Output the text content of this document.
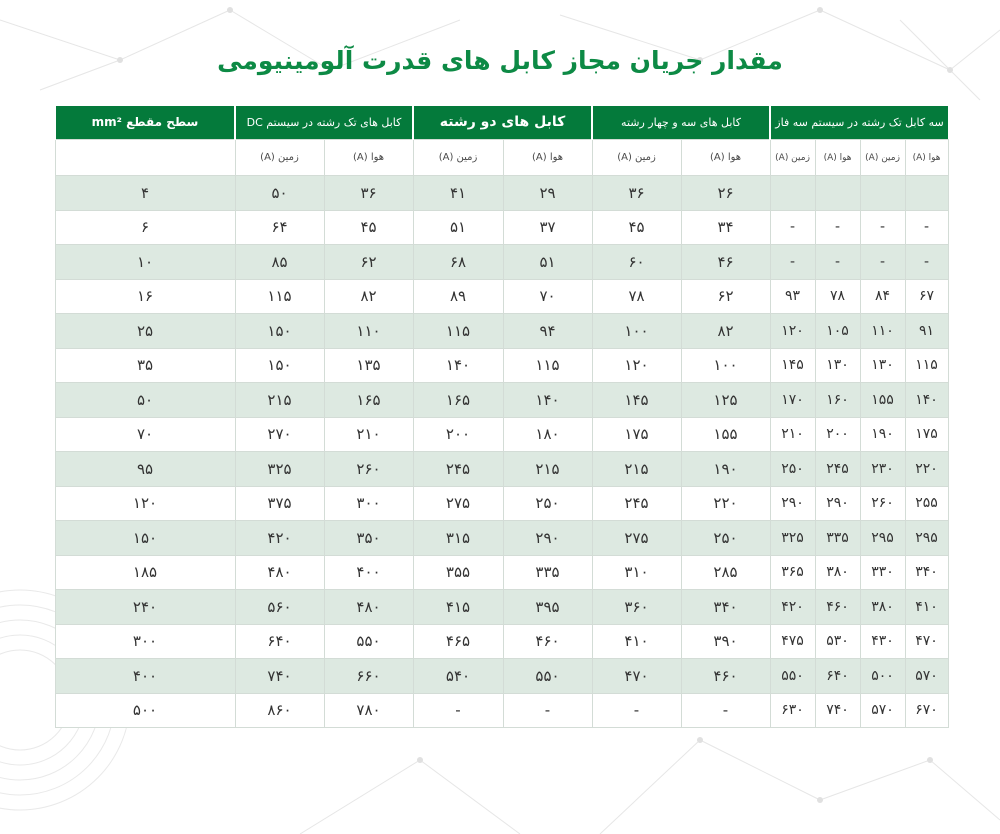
مقدار جریان مجاز کابل های قدرت آلومینیومی
سه کابل تک رشته در سیستم سه فاز				کابل های سه و چهار رشته		کابل های دو رشته		کابل های تک رشته در سیستم DC		سطح مقطع mm²
هوا (A)	زمین (A)	هوا (A)	زمین (A)	هوا (A)	زمین (A)	هوا (A)	زمین (A)	هوا (A)	زمین (A)	
				۲۶	۳۶	۲۹	۴۱	۳۶	۵۰	۴
-	-	-	-	۳۴	۴۵	۳۷	۵۱	۴۵	۶۴	۶
-	-	-	-	۴۶	۶۰	۵۱	۶۸	۶۲	۸۵	۱۰
۶۷	۸۴	۷۸	۹۳	۶۲	۷۸	۷۰	۸۹	۸۲	۱۱۵	۱۶
۹۱	۱۱۰	۱۰۵	۱۲۰	۸۲	۱۰۰	۹۴	۱۱۵	۱۱۰	۱۵۰	۲۵
۱۱۵	۱۳۰	۱۳۰	۱۴۵	۱۰۰	۱۲۰	۱۱۵	۱۴۰	۱۳۵	۱۵۰	۳۵
۱۴۰	۱۵۵	۱۶۰	۱۷۰	۱۲۵	۱۴۵	۱۴۰	۱۶۵	۱۶۵	۲۱۵	۵۰
۱۷۵	۱۹۰	۲۰۰	۲۱۰	۱۵۵	۱۷۵	۱۸۰	۲۰۰	۲۱۰	۲۷۰	۷۰
۲۲۰	۲۳۰	۲۴۵	۲۵۰	۱۹۰	۲۱۵	۲۱۵	۲۴۵	۲۶۰	۳۲۵	۹۵
۲۵۵	۲۶۰	۲۹۰	۲۹۰	۲۲۰	۲۴۵	۲۵۰	۲۷۵	۳۰۰	۳۷۵	۱۲۰
۲۹۵	۲۹۵	۳۳۵	۳۲۵	۲۵۰	۲۷۵	۲۹۰	۳۱۵	۳۵۰	۴۲۰	۱۵۰
۳۴۰	۳۳۰	۳۸۰	۳۶۵	۲۸۵	۳۱۰	۳۳۵	۳۵۵	۴۰۰	۴۸۰	۱۸۵
۴۱۰	۳۸۰	۴۶۰	۴۲۰	۳۴۰	۳۶۰	۳۹۵	۴۱۵	۴۸۰	۵۶۰	۲۴۰
۴۷۰	۴۳۰	۵۳۰	۴۷۵	۳۹۰	۴۱۰	۴۶۰	۴۶۵	۵۵۰	۶۴۰	۳۰۰
۵۷۰	۵۰۰	۶۴۰	۵۵۰	۴۶۰	۴۷۰	۵۵۰	۵۴۰	۶۶۰	۷۴۰	۴۰۰
۶۷۰	۵۷۰	۷۴۰	۶۳۰	-	-	-	-	۷۸۰	۸۶۰	۵۰۰
